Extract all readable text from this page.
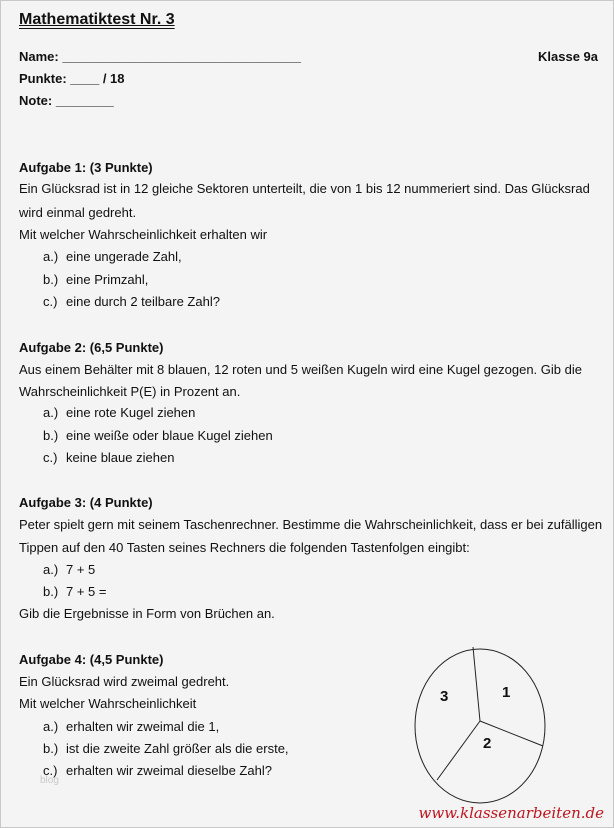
Mathematiktest Nr. 3
Name: _________________________________	Klasse 9a
Punkte: ____ / 18
Note: ________
Aufgabe 1: (3 Punkte)
Ein Glücksrad ist in 12 gleiche Sektoren unterteilt, die von 1 bis 12 nummeriert sind. Das Glücksrad
wird einmal gedreht.
Mit welcher Wahrscheinlichkeit erhalten wir
a.) eine ungerade Zahl,
b.) eine Primzahl,
c.) eine durch 2 teilbare Zahl?
Aufgabe 2: (6,5 Punkte)
Aus einem Behälter mit 8 blauen, 12 roten und 5 weißen Kugeln wird eine Kugel gezogen. Gib die
Wahrscheinlichkeit P(E) in Prozent an.
a.) eine rote Kugel ziehen
b.) eine weiße oder blaue Kugel ziehen
c.) keine blaue ziehen
Aufgabe 3: (4 Punkte)
Peter spielt gern mit seinem Taschenrechner. Bestimme die Wahrscheinlichkeit, dass er bei zufälligen
Tippen auf den 40 Tasten seines Rechners die folgenden Tastenfolgen eingibt:
a.) 7 + 5
b.) 7 + 5 =
Gib die Ergebnisse in Form von Brüchen an.
Aufgabe 4: (4,5 Punkte)
Ein Glücksrad wird zweimal gedreht.
Mit welcher Wahrscheinlichkeit
a.) erhalten wir zweimal die 1,
b.) ist die zweite Zahl größer als die erste,
c.) erhalten wir zweimal dieselbe Zahl?
1
2
3
blog
www.klassenarbeiten.de
